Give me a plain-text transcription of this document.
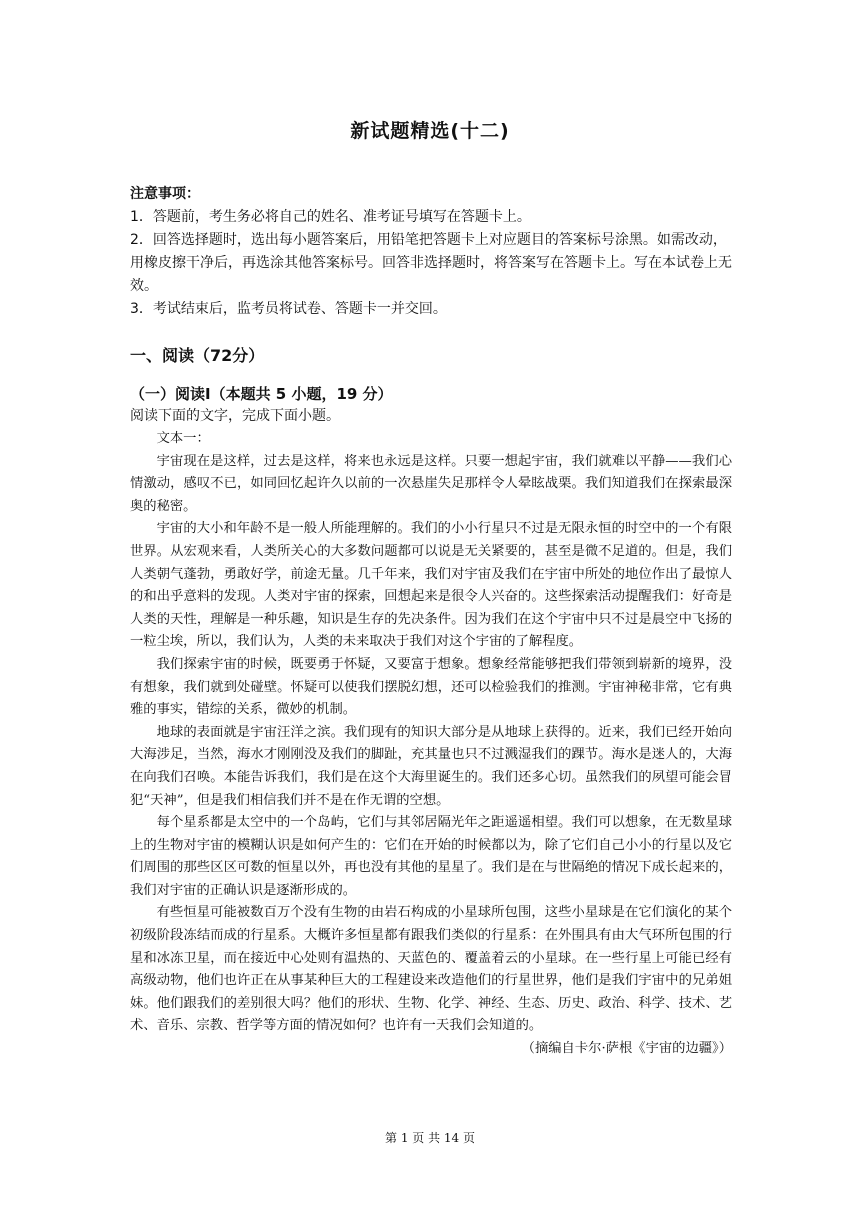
新试题精选(十二)

注意事项：

1．答题前，考生务必将自己的姓名、准考证号填写在答题卡上。

2．回答选择题时，选出每小题答案后，用铅笔把答题卡上对应题目的答案标号涂黑。如需改动，用橡皮擦干净后，再选涂其他答案标号。回答非选择题时，将答案写在答题卡上。写在本试卷上无效。

3．考试结束后，监考员将试卷、答题卡一并交回。

一、阅读（72分）
（一）阅读Ⅰ（本题共 5 小题，19 分）
阅读下面的文字，完成下面小题。

文本一：

宇宙现在是这样，过去是这样，将来也永远是这样。只要一想起宇宙，我们就难以平静——我们心情激动，感叹不已，如同回忆起许久以前的一次悬崖失足那样令人晕眩战栗。我们知道我们在探索最深奥的秘密。

宇宙的大小和年龄不是一般人所能理解的。我们的小小行星只不过是无限永恒的时空中的一个有限世界。从宏观来看，人类所关心的大多数问题都可以说是无关紧要的，甚至是微不足道的。但是，我们人类朝气蓬勃，勇敢好学，前途无量。几千年来，我们对宇宙及我们在宇宙中所处的地位作出了最惊人的和出乎意料的发现。人类对宇宙的探索，回想起来是很令人兴奋的。这些探索活动提醒我们：好奇是人类的天性，理解是一种乐趣，知识是生存的先决条件。因为我们在这个宇宙中只不过是晨空中飞扬的一粒尘埃，所以，我们认为，人类的未来取决于我们对这个宇宙的了解程度。

我们探索宇宙的时候，既要勇于怀疑，又要富于想象。想象经常能够把我们带领到崭新的境界，没有想象，我们就到处碰壁。怀疑可以使我们摆脱幻想，还可以检验我们的推测。宇宙神秘非常，它有典雅的事实，错综的关系，微妙的机制。

地球的表面就是宇宙汪洋之滨。我们现有的知识大部分是从地球上获得的。近来，我们已经开始向大海涉足，当然，海水才刚刚没及我们的脚趾，充其量也只不过溅湿我们的踝节。海水是迷人的，大海在向我们召唤。本能告诉我们，我们是在这个大海里诞生的。我们还多心切。虽然我们的夙望可能会冒犯“天神”，但是我们相信我们并不是在作无谓的空想。

每个星系都是太空中的一个岛屿，它们与其邻居隔光年之距遥遥相望。我们可以想象，在无数星球上的生物对宇宙的模糊认识是如何产生的：它们在开始的时候都以为，除了它们自己小小的行星以及它们周围的那些区区可数的恒星以外，再也没有其他的星星了。我们是在与世隔绝的情况下成长起来的，我们对宇宙的正确认识是逐渐形成的。

有些恒星可能被数百万个没有生物的由岩石构成的小星球所包围，这些小星球是在它们演化的某个初级阶段冻结而成的行星系。大概许多恒星都有跟我们类似的行星系：在外围具有由大气环所包围的行星和冰冻卫星，而在接近中心处则有温热的、天蓝色的、覆盖着云的小星球。在一些行星上可能已经有高级动物，他们也许正在从事某种巨大的工程建设来改造他们的行星世界，他们是我们宇宙中的兄弟姐妹。他们跟我们的差别很大吗？他们的形状、生物、化学、神经、生态、历史、政治、科学、技术、艺术、音乐、宗教、哲学等方面的情况如何？也许有一天我们会知道的。

（摘编自卡尔·萨根《宇宙的边疆》）
第 1 页 共 14 页
